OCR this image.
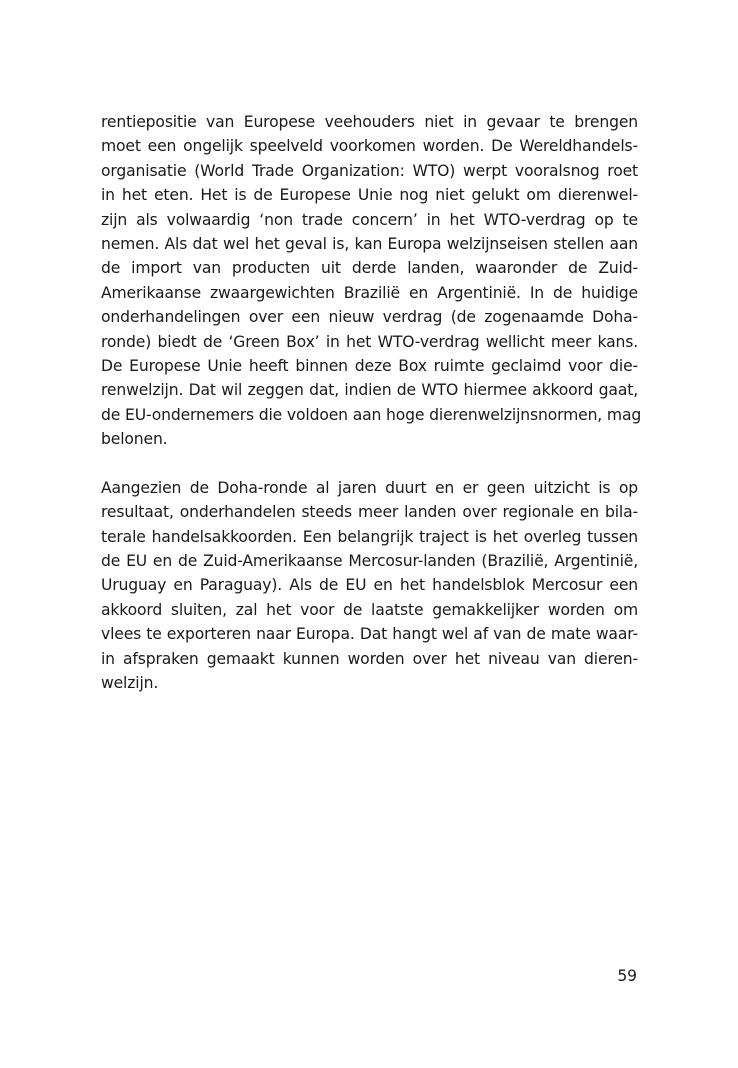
rentiepositie van Europese veehouders niet in gevaar te brengen
moet een ongelijk speelveld voorkomen worden. De Wereldhandels-
organisatie (World Trade Organization: WTO) werpt vooralsnog roet
in het eten. Het is de Europese Unie nog niet gelukt om dierenwel-
zijn als volwaardig ‘non trade concern’ in het WTO-verdrag op te
nemen. Als dat wel het geval is, kan Europa welzijnseisen stellen aan
de import van producten uit derde landen, waaronder de Zuid-
Amerikaanse zwaargewichten Brazilië en Argentinië. In de huidige
onderhandelingen over een nieuw verdrag (de zogenaamde Doha-
ronde) biedt de ‘Green Box’ in het WTO-verdrag wellicht meer kans.
De Europese Unie heeft binnen deze Box ruimte geclaimd voor die-
renwelzijn. Dat wil zeggen dat, indien de WTO hiermee akkoord gaat,
de EU-ondernemers die voldoen aan hoge dierenwelzijnsnormen, mag
belonen.
Aangezien de Doha-ronde al jaren duurt en er geen uitzicht is op
resultaat, onderhandelen steeds meer landen over regionale en bila-
terale handelsakkoorden. Een belangrijk traject is het overleg tussen
de EU en de Zuid-Amerikaanse Mercosur-landen (Brazilië, Argentinië,
Uruguay en Paraguay). Als de EU en het handelsblok Mercosur een
akkoord sluiten, zal het voor de laatste gemakkelijker worden om
vlees te exporteren naar Europa. Dat hangt wel af van de mate waar-
in afspraken gemaakt kunnen worden over het niveau van dieren-
welzijn.
59
